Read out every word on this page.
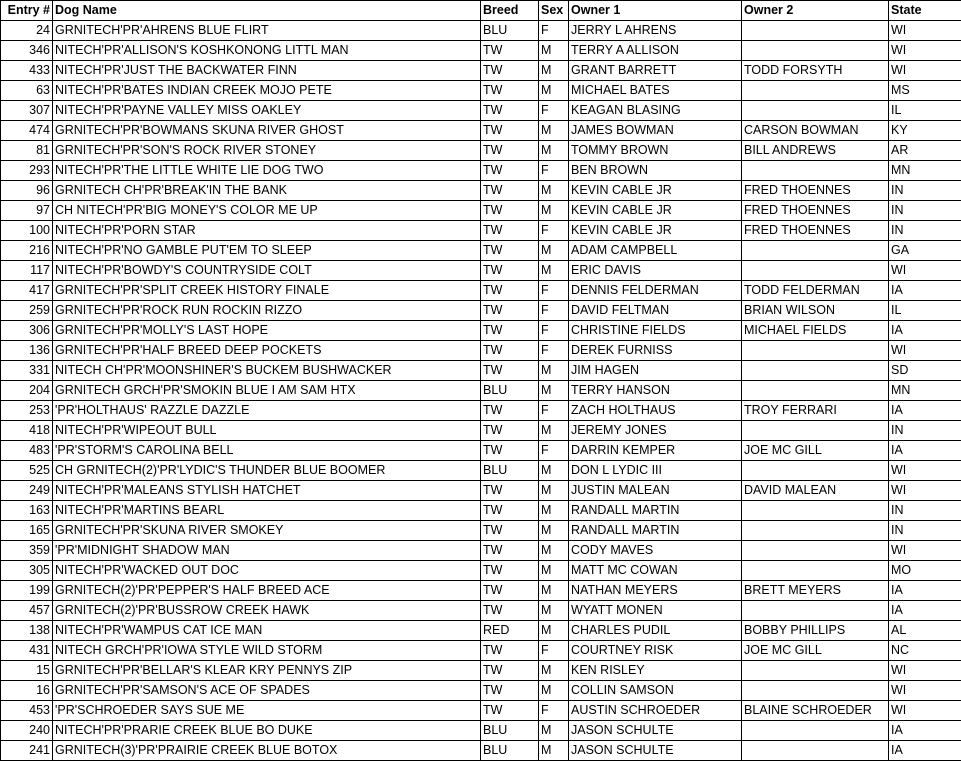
Entry #	Dog Name	Breed	Sex	Owner 1	Owner 2	State
24	GRNITECH'PR'AHRENS BLUE FLIRT	BLU	F	JERRY L AHRENS		WI
346	NITECH'PR'ALLISON'S KOSHKONONG LITTL MAN	TW	M	TERRY A ALLISON		WI
433	NITECH'PR'JUST THE BACKWATER FINN	TW	M	GRANT BARRETT	TODD FORSYTH	WI
63	NITECH'PR'BATES INDIAN CREEK MOJO PETE	TW	M	MICHAEL BATES		MS
307	NITECH'PR'PAYNE VALLEY MISS OAKLEY	TW	F	KEAGAN BLASING		IL
474	GRNITECH'PR'BOWMANS SKUNA RIVER GHOST	TW	M	JAMES BOWMAN	CARSON BOWMAN	KY
81	GRNITECH'PR'SON'S ROCK RIVER STONEY	TW	M	TOMMY BROWN	BILL ANDREWS	AR
293	NITECH'PR'THE LITTLE WHITE LIE DOG TWO	TW	F	BEN BROWN		MN
96	GRNITECH CH'PR'BREAK'IN THE BANK	TW	M	KEVIN CABLE JR	FRED THOENNES	IN
97	CH NITECH'PR'BIG MONEY'S COLOR ME UP	TW	M	KEVIN CABLE JR	FRED THOENNES	IN
100	NITECH'PR'PORN STAR	TW	F	KEVIN CABLE JR	FRED THOENNES	IN
216	NITECH'PR'NO GAMBLE PUT'EM TO SLEEP	TW	M	ADAM CAMPBELL		GA
117	NITECH'PR'BOWDY'S COUNTRYSIDE COLT	TW	M	ERIC DAVIS		WI
417	GRNITECH'PR'SPLIT CREEK HISTORY FINALE	TW	F	DENNIS FELDERMAN	TODD FELDERMAN	IA
259	GRNITECH'PR'ROCK RUN ROCKIN RIZZO	TW	F	DAVID FELTMAN	BRIAN WILSON	IL
306	GRNITECH'PR'MOLLY'S LAST HOPE	TW	F	CHRISTINE FIELDS	MICHAEL FIELDS	IA
136	GRNITECH'PR'HALF BREED DEEP POCKETS	TW	F	DEREK FURNISS		WI
331	NITECH CH'PR'MOONSHINER'S BUCKEM BUSHWACKER	TW	M	JIM HAGEN		SD
204	GRNITECH GRCH'PR'SMOKIN BLUE I AM SAM HTX	BLU	M	TERRY HANSON		MN
253	'PR'HOLTHAUS' RAZZLE DAZZLE	TW	F	ZACH HOLTHAUS	TROY FERRARI	IA
418	NITECH'PR'WIPEOUT BULL	TW	M	JEREMY JONES		IN
483	'PR'STORM'S CAROLINA BELL	TW	F	DARRIN KEMPER	JOE MC GILL	IA
525	CH GRNITECH(2)'PR'LYDIC'S THUNDER BLUE BOOMER	BLU	M	DON L LYDIC III		WI
249	NITECH'PR'MALEANS STYLISH HATCHET	TW	M	JUSTIN MALEAN	DAVID MALEAN	WI
163	NITECH'PR'MARTINS BEARL	TW	M	RANDALL MARTIN		IN
165	GRNITECH'PR'SKUNA RIVER SMOKEY	TW	M	RANDALL MARTIN		IN
359	'PR'MIDNIGHT SHADOW MAN	TW	M	CODY MAVES		WI
305	NITECH'PR'WACKED OUT DOC	TW	M	MATT MC COWAN		MO
199	GRNITECH(2)'PR'PEPPER'S HALF BREED ACE	TW	M	NATHAN MEYERS	BRETT MEYERS	IA
457	GRNITECH(2)'PR'BUSSROW CREEK HAWK	TW	M	WYATT MONEN		IA
138	NITECH'PR'WAMPUS CAT ICE MAN	RED	M	CHARLES PUDIL	BOBBY PHILLIPS	AL
431	NITECH GRCH'PR'IOWA STYLE WILD STORM	TW	F	COURTNEY RISK	JOE MC GILL	NC
15	GRNITECH'PR'BELLAR'S KLEAR KRY PENNYS ZIP	TW	M	KEN RISLEY		WI
16	GRNITECH'PR'SAMSON'S ACE OF SPADES	TW	M	COLLIN SAMSON		WI
453	'PR'SCHROEDER SAYS SUE ME	TW	F	AUSTIN SCHROEDER	BLAINE SCHROEDER	WI
240	NITECH'PR'PRARIE CREEK BLUE BO DUKE	BLU	M	JASON SCHULTE		IA
241	GRNITECH(3)'PR'PRAIRIE CREEK BLUE BOTOX	BLU	M	JASON SCHULTE		IA
